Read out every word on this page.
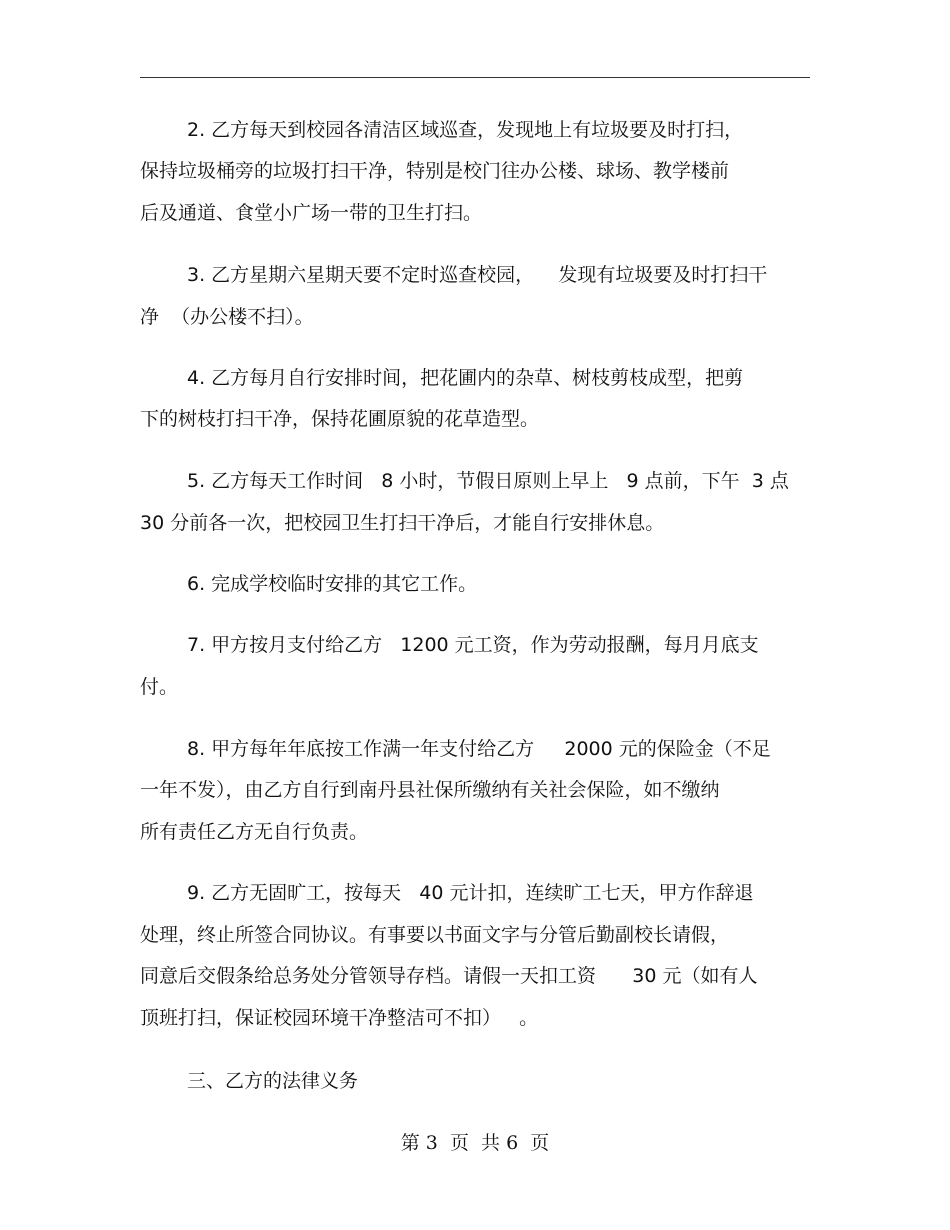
2. 乙方每天到校园各清洁区域巡查，发现地上有垃圾要及时打扫，
保持垃圾桶旁的垃圾打扫干净，特别是校门往办公楼、球场、教学楼前
后及通道、食堂小广场一带的卫生打扫。
3. 乙方星期六星期天要不定时巡查校园，    发现有垃圾要及时打扫干
净  （办公楼不扫）。
4. 乙方每月自行安排时间，把花圃内的杂草、树枝剪枝成型，把剪
下的树枝打扫干净，保持花圃原貌的花草造型。
5. 乙方每天工作时间   8 小时，节假日原则上早上   9 点前，下午  3 点
30 分前各一次，把校园卫生打扫干净后，才能自行安排休息。
6. 完成学校临时安排的其它工作。
7. 甲方按月支付给乙方   1200 元工资，作为劳动报酬，每月月底支
付。
8. 甲方每年年底按工作满一年支付给乙方     2000 元的保险金（不足
一年不发），由乙方自行到南丹县社保所缴纳有关社会保险，如不缴纳
所有责任乙方无自行负责。
9. 乙方无固旷工，按每天   40 元计扣，连续旷工七天，甲方作辞退
处理，终止所签合同协议。有事要以书面文字与分管后勤副校长请假，
同意后交假条给总务处分管领导存档。请假一天扣工资      30 元（如有人
顶班打扫，保证校园环境干净整洁可不扣）   。
三、乙方的法律义务
第 3  页  共 6  页
